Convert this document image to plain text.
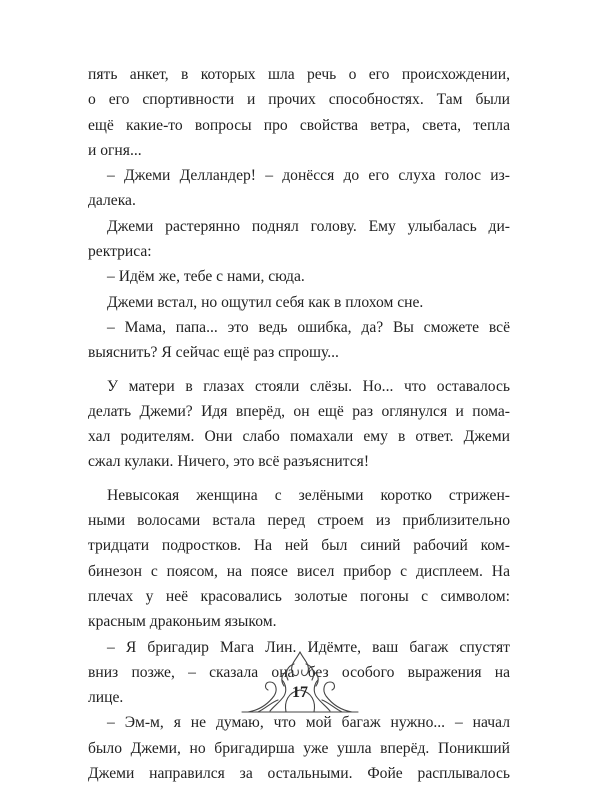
пять анкет, в которых шла речь о его происхождении,
о его спортивности и прочих способностях. Там были
ещё какие-то вопросы про свойства ветра, света, тепла
и огня...
– Джеми Делландер! – донёсся до его слуха голос из-
далека.
Джеми растерянно поднял голову. Ему улыбалась ди-
ректриса:
– Идём же, тебе с нами, сюда.
Джеми встал, но ощутил себя как в плохом сне.
– Мама, папа... это ведь ошибка, да? Вы сможете всё
выяснить? Я сейчас ещё раз спрошу...
У матери в глазах стояли слёзы. Но... что оставалось
делать Джеми? Идя вперёд, он ещё раз оглянулся и пома-
хал родителям. Они слабо помахали ему в ответ. Джеми
сжал кулаки. Ничего, это всё разъяснится!
Невысокая женщина с зелёными коротко стрижен-
ными волосами встала перед строем из приблизительно
тридцати подростков. На ней был синий рабочий ком-
бинезон с поясом, на поясе висел прибор с дисплеем. На
плечах у неё красовались золотые погоны с символом:
красным драконьим языком.
– Я бригадир Мага Лин. Идёмте, ваш багаж спустят
вниз позже, – сказала она без особого выражения на
лице.
– Эм-м, я не думаю, что мой багаж нужно... – начал
было Джеми, но бригадирша уже ушла вперёд. Поникший
Джеми направился за остальными. Фойе расплывалось
17
